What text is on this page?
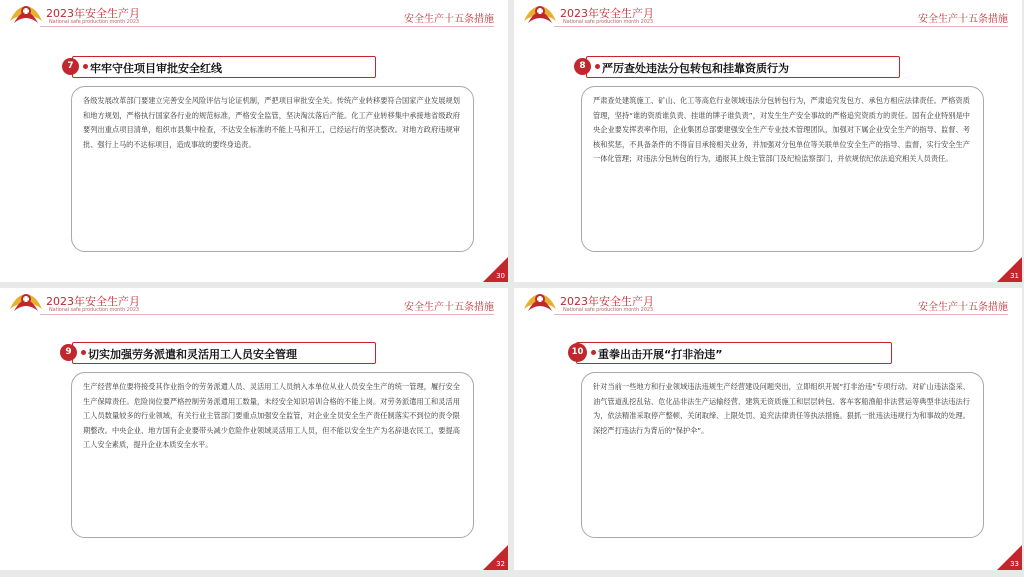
2023年安全生产月
National safe production month 2023	安全生产十五条措施
7	牢牢守住项目审批安全红线
各级发展改革部门要建立完善安全风险评估与论证机制，严把项目审批安全关。传统产业转移要符合国家产业发展规划和地方规划，严格执行国家各行业的规范标准，严格安全监管，坚决淘汰落后产能。化工产业转移集中承接地省级政府要列出重点项目清单，组织市县集中检查，不达安全标准的不能上马和开工，已经运行的坚决整改。对地方政府违规审批、强行上马的不达标项目，造成事故的要终身追责。
30
2023年安全生产月
National safe production month 2023	安全生产十五条措施
8	严厉查处违法分包转包和挂靠资质行为
严肃查处建筑施工、矿山、化工等高危行业领域违法分包转包行为，严肃追究发包方、承包方相应法律责任。严格资质管理，坚持“谁的资质谁负责、挂谁的牌子谁负责”，对发生生产安全事故的严格追究资质方的责任。国有企业特别是中央企业要发挥表率作用，企业集团总部要建强安全生产专业技术管理团队，加强对下属企业安全生产的指导、监督、考核和奖惩，不具备条件的不得盲目承接相关业务，并加强对分包单位等关联单位安全生产的指导、监督，实行安全生产一体化管理；对违法分包转包的行为，通报其上级主管部门及纪检监察部门，并依规依纪依法追究相关人员责任。
31
2023年安全生产月
National safe production month 2023	安全生产十五条措施
9	切实加强劳务派遣和灵活用工人员安全管理
生产经营单位要将接受其作业指令的劳务派遣人员、灵活用工人员纳入本单位从业人员安全生产的统一管理，履行安全生产保障责任。危险岗位要严格控制劳务派遣用工数量，未经安全知识培训合格的不能上岗。对劳务派遣用工和灵活用工人员数量较多的行业领域，有关行业主管部门要重点加强安全监管，对企业全员安全生产责任制落实不到位的责令限期整改。中央企业、地方国有企业要带头减少危险作业领域灵活用工人员，但不能以安全生产为名辞退农民工，要提高工人安全素质，提升企业本质安全水平。
32
2023年安全生产月
National safe production month 2023	安全生产十五条措施
10	重拳出击开展“打非治违”
针对当前一些地方和行业领域违法违规生产经营建设问题突出，立即组织开展“打非治违”专项行动。对矿山违法盗采、油气管道乱挖乱钻、危化品非法生产运输经营、建筑无资质施工和层层转包、客车客船渔船非法营运等典型非法违法行为，依法精准采取停产整顿、关闭取缔、上限处罚、追究法律责任等执法措施。狠抓一批违法违规行为和事故的处理。深挖严打违法行为背后的“保护伞”。
33
